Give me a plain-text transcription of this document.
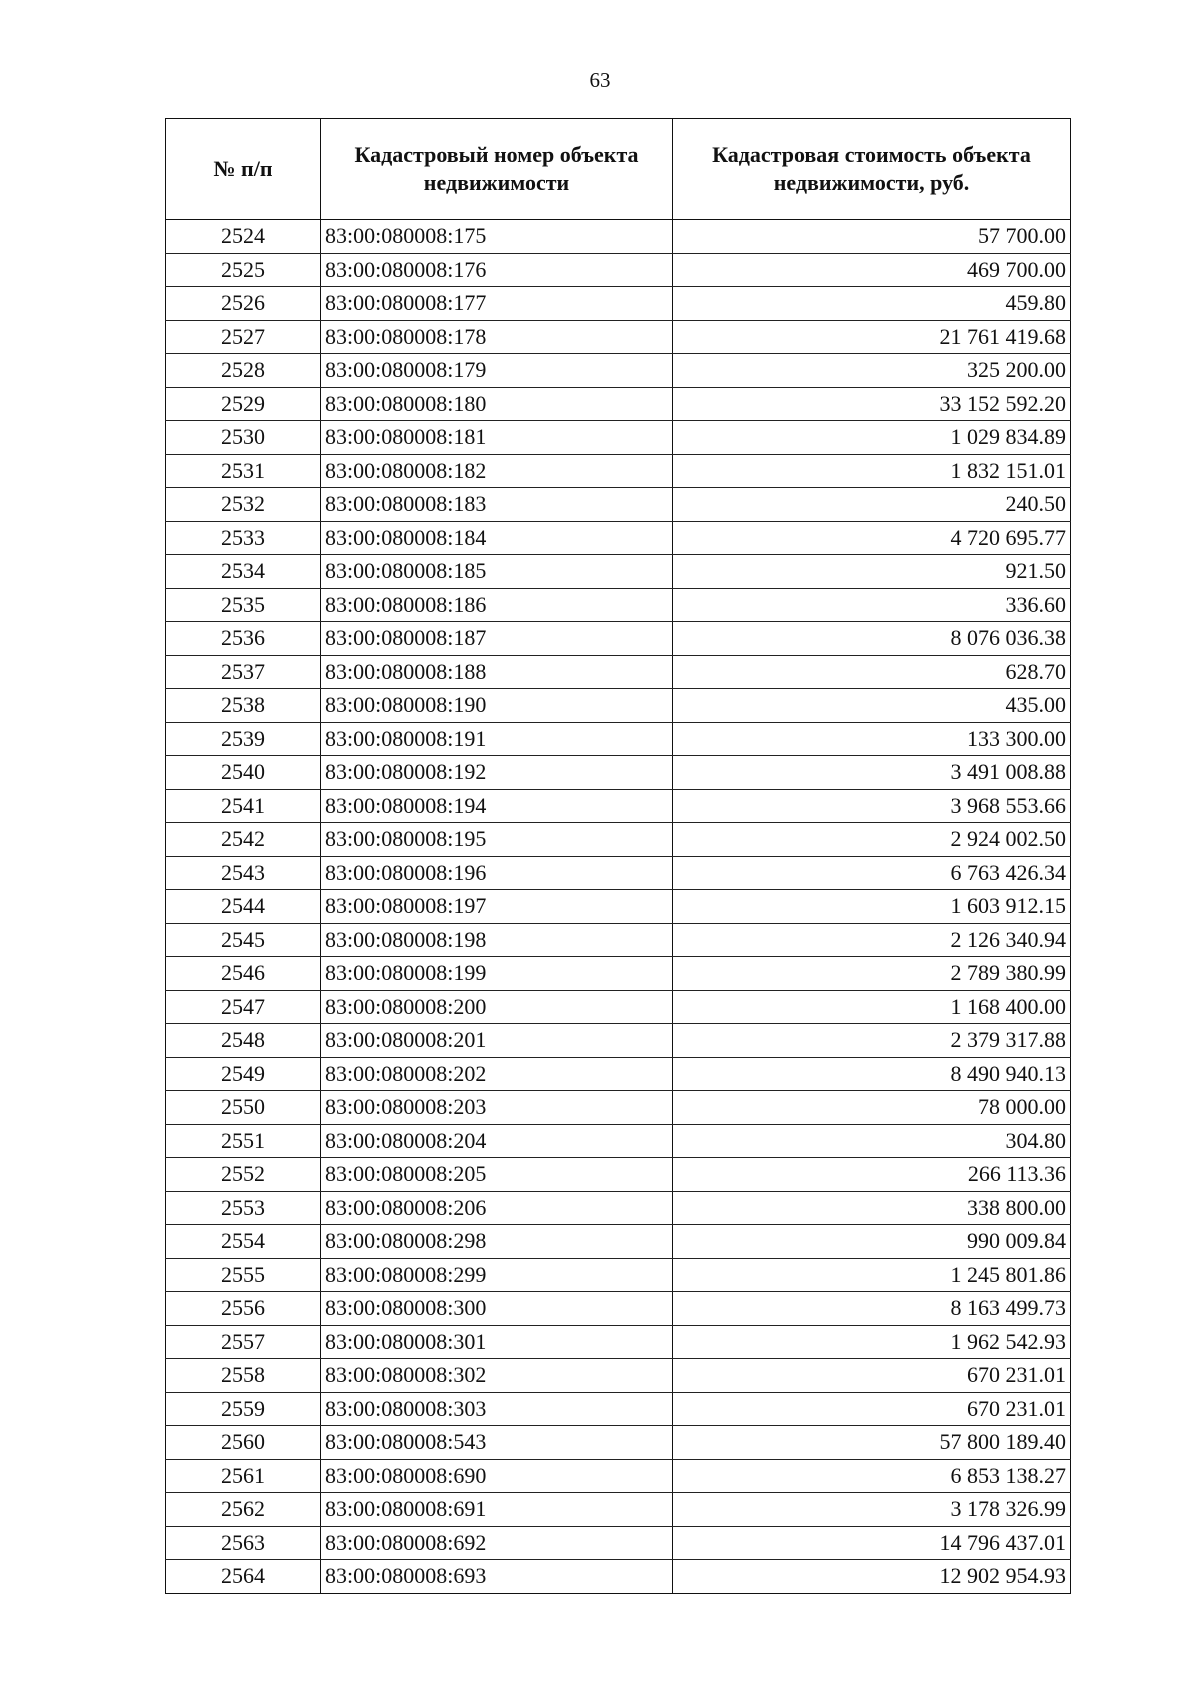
63
№ п/п	Кадастровый номер объекта недвижимости	Кадастровая стоимость объекта недвижимости, руб.
2524	83:00:080008:175	57 700.00
2525	83:00:080008:176	469 700.00
2526	83:00:080008:177	459.80
2527	83:00:080008:178	21 761 419.68
2528	83:00:080008:179	325 200.00
2529	83:00:080008:180	33 152 592.20
2530	83:00:080008:181	1 029 834.89
2531	83:00:080008:182	1 832 151.01
2532	83:00:080008:183	240.50
2533	83:00:080008:184	4 720 695.77
2534	83:00:080008:185	921.50
2535	83:00:080008:186	336.60
2536	83:00:080008:187	8 076 036.38
2537	83:00:080008:188	628.70
2538	83:00:080008:190	435.00
2539	83:00:080008:191	133 300.00
2540	83:00:080008:192	3 491 008.88
2541	83:00:080008:194	3 968 553.66
2542	83:00:080008:195	2 924 002.50
2543	83:00:080008:196	6 763 426.34
2544	83:00:080008:197	1 603 912.15
2545	83:00:080008:198	2 126 340.94
2546	83:00:080008:199	2 789 380.99
2547	83:00:080008:200	1 168 400.00
2548	83:00:080008:201	2 379 317.88
2549	83:00:080008:202	8 490 940.13
2550	83:00:080008:203	78 000.00
2551	83:00:080008:204	304.80
2552	83:00:080008:205	266 113.36
2553	83:00:080008:206	338 800.00
2554	83:00:080008:298	990 009.84
2555	83:00:080008:299	1 245 801.86
2556	83:00:080008:300	8 163 499.73
2557	83:00:080008:301	1 962 542.93
2558	83:00:080008:302	670 231.01
2559	83:00:080008:303	670 231.01
2560	83:00:080008:543	57 800 189.40
2561	83:00:080008:690	6 853 138.27
2562	83:00:080008:691	3 178 326.99
2563	83:00:080008:692	14 796 437.01
2564	83:00:080008:693	12 902 954.93
